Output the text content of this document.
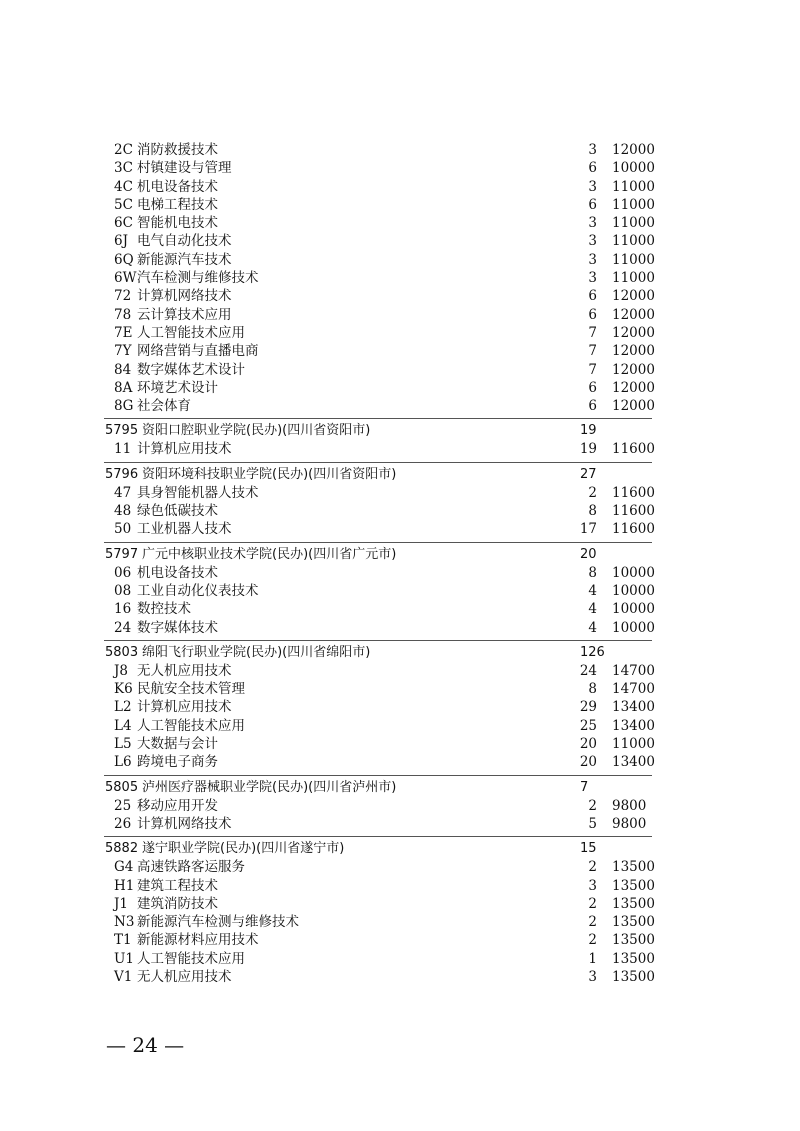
2C 消防救援技术	3 12000
3C 村镇建设与管理	6 10000
4C 机电设备技术	3 11000
5C 电梯工程技术	6 11000
6C 智能机电技术	3 11000
6J 电气自动化技术	3 11000
6Q 新能源汽车技术	3 11000
6W 汽车检测与维修技术	3 11000
72 计算机网络技术	6 12000
78 云计算技术应用	6 12000
7E 人工智能技术应用	7 12000
7Y 网络营销与直播电商	7 12000
84 数字媒体艺术设计	7 12000
8A 环境艺术设计	6 12000
8G 社会体育	6 12000
5795 资阳口腔职业学院(民办)(四川省资阳市)	19
11 计算机应用技术	19 11600
5796 资阳环境科技职业学院(民办)(四川省资阳市)	27
47 具身智能机器人技术	2 11600
48 绿色低碳技术	8 11600
50 工业机器人技术	17 11600
5797 广元中核职业技术学院(民办)(四川省广元市)	20
06 机电设备技术	8 10000
08 工业自动化仪表技术	4 10000
16 数控技术	4 10000
24 数字媒体技术	4 10000
5803 绵阳飞行职业学院(民办)(四川省绵阳市)	126
J8 无人机应用技术	24 14700
K6 民航安全技术管理	8 14700
L2 计算机应用技术	29 13400
L4 人工智能技术应用	25 13400
L5 大数据与会计	20 11000
L6 跨境电子商务	20 13400
5805 泸州医疗器械职业学院(民办)(四川省泸州市)	7
25 移动应用开发	2 9800
26 计算机网络技术	5 9800
5882 遂宁职业学院(民办)(四川省遂宁市)	15
G4 高速铁路客运服务	2 13500
H1 建筑工程技术	3 13500
J1 建筑消防技术	2 13500
N3 新能源汽车检测与维修技术	2 13500
T1 新能源材料应用技术	2 13500
U1 人工智能技术应用	1 13500
V1 无人机应用技术	3 13500
— 24 —
